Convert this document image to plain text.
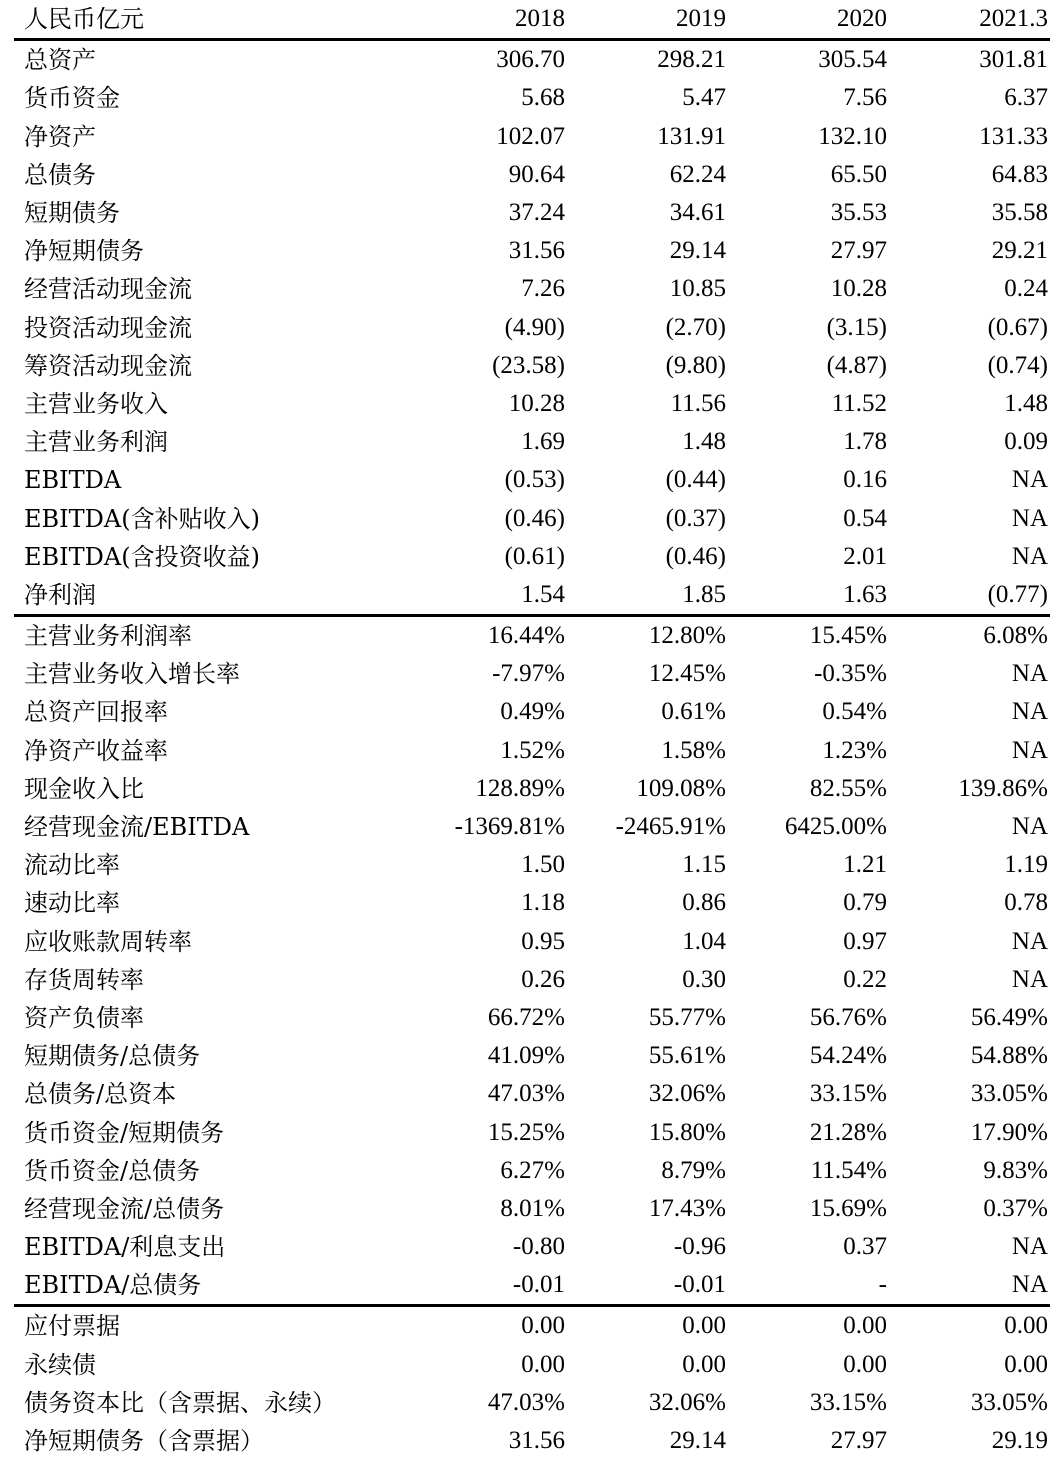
人民币亿元	2018	2019	2020	2021.3
总资产	306.70	298.21	305.54	301.81
货币资金	5.68	5.47	7.56	6.37
净资产	102.07	131.91	132.10	131.33
总债务	90.64	62.24	65.50	64.83
短期债务	37.24	34.61	35.53	35.58
净短期债务	31.56	29.14	27.97	29.21
经营活动现金流	7.26	10.85	10.28	0.24
投资活动现金流	(4.90)	(2.70)	(3.15)	(0.67)
筹资活动现金流	(23.58)	(9.80)	(4.87)	(0.74)
主营业务收入	10.28	11.56	11.52	1.48
主营业务利润	1.69	1.48	1.78	0.09
EBITDA	(0.53)	(0.44)	0.16	NA
EBITDA(含补贴收入)	(0.46)	(0.37)	0.54	NA
EBITDA(含投资收益)	(0.61)	(0.46)	2.01	NA
净利润	1.54	1.85	1.63	(0.77)
主营业务利润率	16.44%	12.80%	15.45%	6.08%
主营业务收入增长率	-7.97%	12.45%	-0.35%	NA
总资产回报率	0.49%	0.61%	0.54%	NA
净资产收益率	1.52%	1.58%	1.23%	NA
现金收入比	128.89%	109.08%	82.55%	139.86%
经营现金流/EBITDA	-1369.81%	-2465.91%	6425.00%	NA
流动比率	1.50	1.15	1.21	1.19
速动比率	1.18	0.86	0.79	0.78
应收账款周转率	0.95	1.04	0.97	NA
存货周转率	0.26	0.30	0.22	NA
资产负债率	66.72%	55.77%	56.76%	56.49%
短期债务/总债务	41.09%	55.61%	54.24%	54.88%
总债务/总资本	47.03%	32.06%	33.15%	33.05%
货币资金/短期债务	15.25%	15.80%	21.28%	17.90%
货币资金/总债务	6.27%	8.79%	11.54%	9.83%
经营现金流/总债务	8.01%	17.43%	15.69%	0.37%
EBITDA/利息支出	-0.80	-0.96	0.37	NA
EBITDA/总债务	-0.01	-0.01	-	NA
应付票据	0.00	0.00	0.00	0.00
永续债	0.00	0.00	0.00	0.00
债务资本比（含票据、永续）	47.03%	32.06%	33.15%	33.05%
净短期债务（含票据）	31.56	29.14	27.97	29.19
